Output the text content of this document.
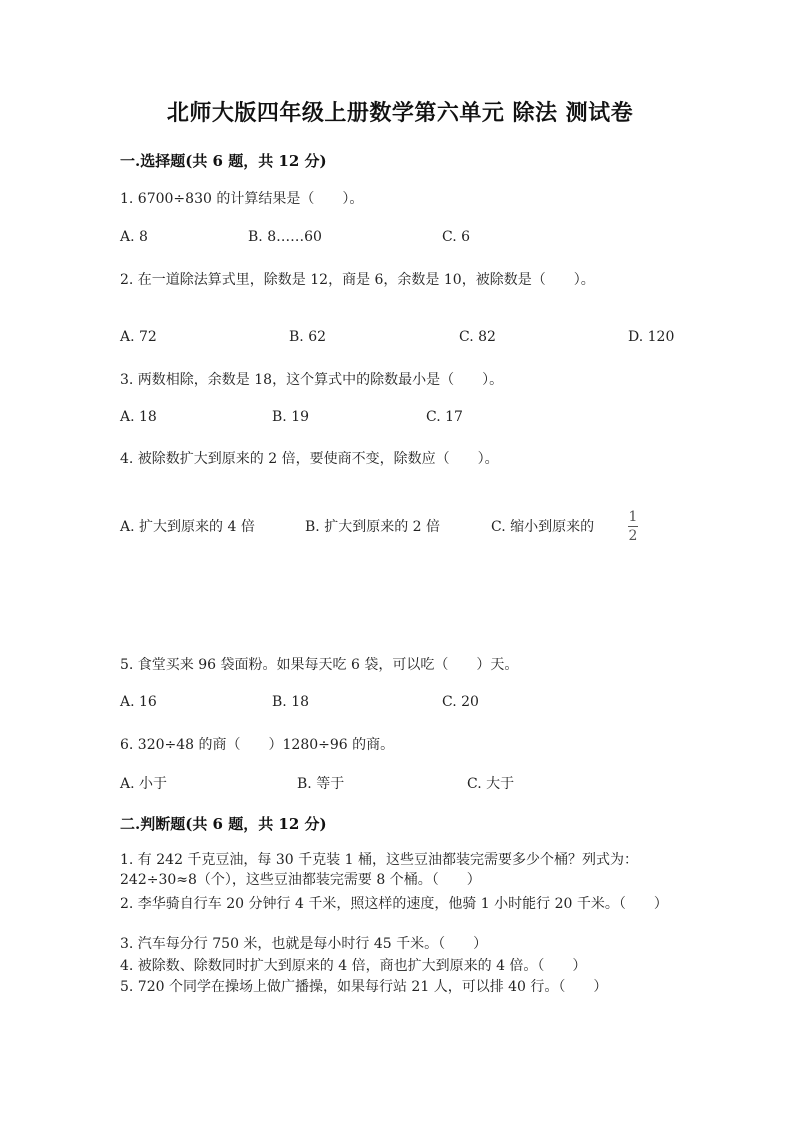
北师大版四年级上册数学第六单元 除法 测试卷
一.选择题(共 6 题，共 12 分)
1. 6700÷830 的计算结果是（　　）。
A. 8	B. 8……60	C. 6
2. 在一道除法算式里，除数是 12，商是 6，余数是 10，被除数是（　　）。
A. 72	B. 62	C. 82	D. 120
3. 两数相除，余数是 18，这个算式中的除数最小是（　　）。
A. 18	B. 19	C. 17
4. 被除数扩大到原来的 2 倍，要使商不变，除数应（　　）。
A. 扩大到原来的 4 倍	B. 扩大到原来的 2 倍	C. 缩小到原来的
1
2
5. 食堂买来 96 袋面粉。如果每天吃 6 袋，可以吃（　　）天。
A. 16	B. 18	C. 20
6. 320÷48 的商（　　）1280÷96 的商。
A. 小于	B. 等于	C. 大于
二.判断题(共 6 题，共 12 分)
1. 有 242 千克豆油，每 30 千克装 1 桶，这些豆油都装完需要多少个桶？列式为：242÷30≈8（个），这些豆油都装完需要 8 个桶。（　　）
2. 李华骑自行车 20 分钟行 4 千米，照这样的速度，他骑 1 小时能行 20 千米。（　　）
3. 汽车每分行 750 米，也就是每小时行 45 千米。（　　）
4. 被除数、除数同时扩大到原来的 4 倍，商也扩大到原来的 4 倍。（　　）
5. 720 个同学在操场上做广播操，如果每行站 21 人，可以排 40 行。（　　）
